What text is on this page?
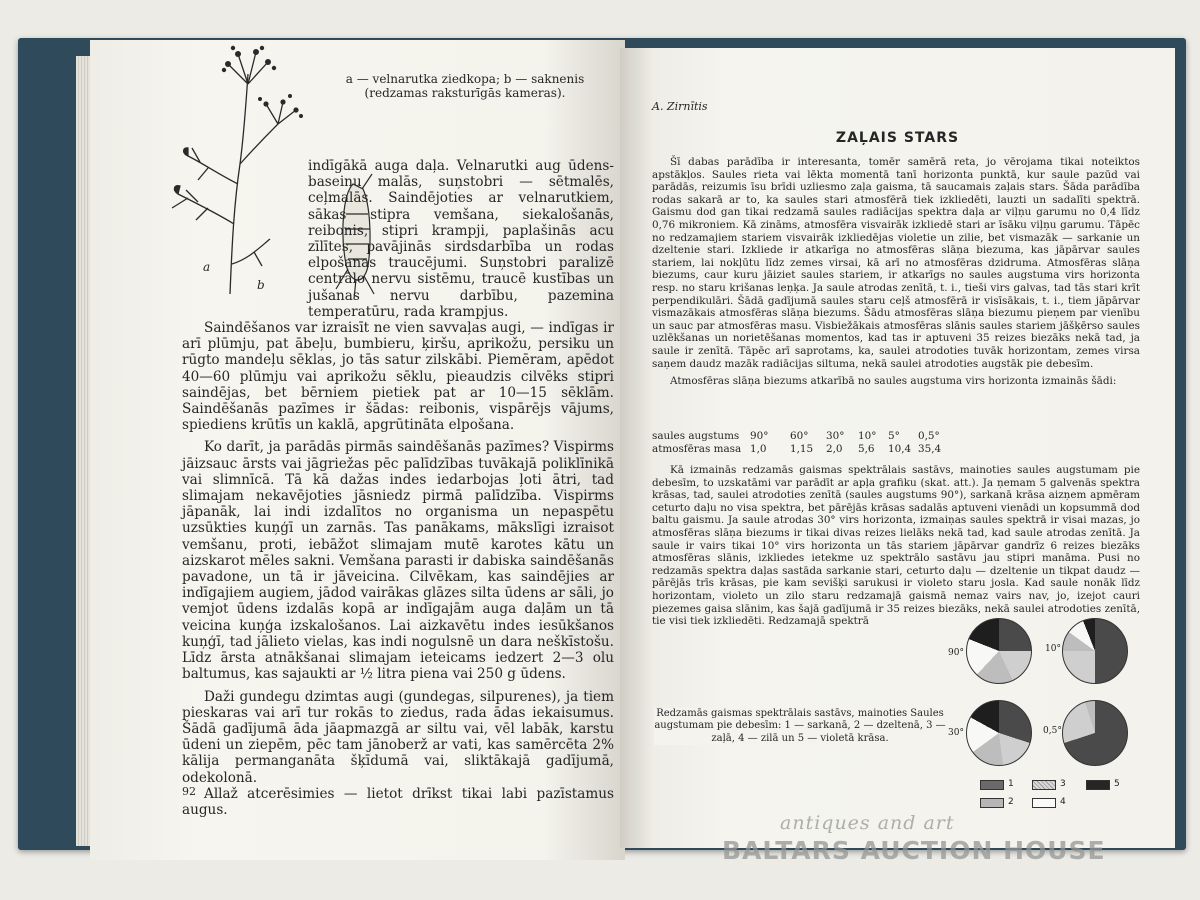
a
b
a — velnarutka ziedkopa; b — saknenis (redzamas raksturīgās kameras).

indīgākā auga daļa. Velnarutki aug ūdens-baseinu malās, suņstobri — sētmalēs, ceļmalās. Saindējoties ar velnarutkiem, sākas stipra vemšana, siekalošanās, reibonis, stipri krampji, paplašinās acu zīlītes, pavājinās sirdsdarbība un rodas elpošanas traucējumi. Suņstobri paralizē centrālo nervu sistēmu, traucē kustības un jušanas nervu darbību, pazemina temperatūru, rada krampjus.

Saindēšanos var izraisīt ne vien savvaļas augi, — indīgas ir arī plūmju, pat ābeļu, bumbieru, ķiršu, aprikožu, persiku un rūgto mandeļu sēklas, jo tās satur zilskābi. Piemēram, apēdot 40—60 plūmju vai aprikožu sēklu, pieaudzis cilvēks stipri saindējas, bet bērniem pietiek pat ar 10—15 sēklām. Saindēšanās pazīmes ir šādas: reibonis, vispārējs vājums, spiediens krūtīs un kaklā, apgrūtināta elpošana.

Ko darīt, ja parādās pirmās saindēšanās pazīmes? Vispirms jāizsauc ārsts vai jāgriežas pēc palīdzības tuvākajā poliklīnikā vai slimnīcā. Tā kā dažas indes iedarbojas ļoti ātri, tad slimajam nekavējoties jāsniedz pirmā palīdzība. Vispirms jāpanāk, lai indi izdalītos no organisma un nepaspētu uzsūkties kuņģī un zarnās. Tas panākams, mākslīgi izraisot vemšanu, proti, iebāžot slimajam mutē karotes kātu un aizskarot mēles sakni. Vemšana parasti ir dabiska saindēšanās pavadone, un tā ir jāveicina. Cilvēkam, kas saindējies ar indīgajiem augiem, jādod vairākas glāzes silta ūdens ar sāli, jo vemjot ūdens izdalās kopā ar indīgajām auga daļām un tā veicina kuņģa izskalošanos. Lai aizkavētu indes iesūkšanos kuņģī, tad jālieto vielas, kas indi nogulsnē un dara neškīstošu. Līdz ārsta atnākšanai slimajam ieteicams iedzert 2—3 olu baltumus, kas sajaukti ar ½ litra piena vai 250 g ūdens.

Daži gundegu dzimtas augi (gundegas, silpurenes), ja tiem pieskaras vai arī tur rokās to ziedus, rada ādas iekaisumus. Šādā gadījumā āda jāapmazgā ar siltu vai, vēl labāk, karstu ūdeni un ziepēm, pēc tam jānoberž ar vati, kas samērcēta 2% kālija permanganāta šķīdumā vai, sliktākajā gadījumā, odekolonā.

Allaž atcerēsimies — lietot drīkst tikai labi pazīstamus augus.

92
A. Zirnītis
ZAĻAIS STARS

Šī dabas parādība ir interesanta, tomēr samērā reta, jo vērojama tikai noteiktos apstākļos. Saules rieta vai lēkta momentā tanī horizonta punktā, kur saule pazūd vai parādās, reizumis īsu brīdi uzliesmo zaļa gaisma, tā saucamais zaļais stars. Šāda parādība rodas sakarā ar to, ka saules stari atmosfērā tiek izkliedēti, lauzti un sadalīti spektrā. Gaismu dod gan tikai redzamā saules radiācijas spektra daļa ar viļņu garumu no 0,4 līdz 0,76 mikroniem. Kā zināms, atmosfēra visvairāk izkliedē stari ar īsāku viļņu garumu. Tāpēc no redzamajiem stariem visvairāk izkliedējas violetie un zilie, bet vismazāk — sarkanie un dzeltenie stari. Izkliede ir atkarīga no atmosfēras slāņa biezuma, kas jāpārvar saules stariem, lai nokļūtu līdz zemes virsai, kā arī no atmosfēras dzidruma. Atmosfēras slāņa biezums, caur kuru jāiziet saules stariem, ir atkarīgs no saules augstuma virs horizonta resp. no staru krišanas leņķa. Ja saule atrodas zenītā, t. i., tieši virs galvas, tad tās stari krīt perpendikulāri. Šādā gadījumā saules staru ceļš atmosfērā ir visīsākais, t. i., tiem jāpārvar vismazākais atmosfēras slāņa biezums. Šādu atmosfēras slāņa biezumu pieņem par vienību un sauc par atmosfēras masu. Visbiežākais atmosfēras slānis saules stariem jāšķērso saules uzlēkšanas un norietēšanas momentos, kad tas ir aptuveni 35 reizes biezāks nekā tad, ja saule ir zenītā. Tāpēc arī saprotams, ka, saulei atrodoties tuvāk horizontam, zemes virsa saņem daudz mazāk radiācijas siltuma, nekā saulei atrodoties augstāk pie debesīm.

Atmosfēras slāņa biezums atkarībā no saules augstuma virs horizonta izmainās šādi:

saules augstums	90°	60°	30°	10°	5°	0,5°
atmosfēras masa 1,0	1,15	2,0	5,6	10,4 35,4

Kā izmainās redzamās gaismas spektrālais sastāvs, mainoties saules augstumam pie debesīm, to uzskatāmi var parādīt ar apļa grafiku (skat. att.). Ja ņemam 5 galvenās spektra krāsas, tad, saulei atrodoties zenītā (saules augstums 90°), sarkanā krāsa aizņem apmēram ceturto daļu no visa spektra, bet pārējās krāsas sadalās aptuveni vienādi un kopsummā dod baltu gaismu. Ja saule atrodas 30° virs horizonta, izmaiņas saules spektrā ir visai mazas, jo atmosfēras slāņa biezums ir tikai divas reizes lielāks nekā tad, kad saule atrodas zenītā. Ja saule ir vairs tikai 10° virs horizonta un tās stariem jāpārvar gandrīz 6 reizes biezāks atmosfēras slānis, izkliedes ietekme uz spektrālo sastāvu jau stipri manāma. Pusi no redzamās spektra daļas sastāda sarkanie stari, ceturto daļu — dzeltenie un tikpat daudz — pārējās trīs krāsas, pie kam sevišķi sarukusi ir violeto staru josla. Kad saule nonāk līdz horizontam, violeto un zilo staru redzamajā gaismā nemaz vairs nav, jo, izejot cauri piezemes gaisa slānim, kas šajā gadījumā ir 35 reizes biezāks, nekā saulei atrodoties zenītā, tie visi tiek izkliedēti. Redzamajā spektrā

Redzamās gaismas spektrālais sastāvs, mainoties Saules augstumam pie debesīm: 1 — sarkanā, 2 — dzeltenā, 3 — zaļā, 4 — zilā un 5 — violetā krāsa.
90°	10°
30°	0,5°
1
2
3
4
5
antiques and art
BALTARS AUCTION HOUSE
